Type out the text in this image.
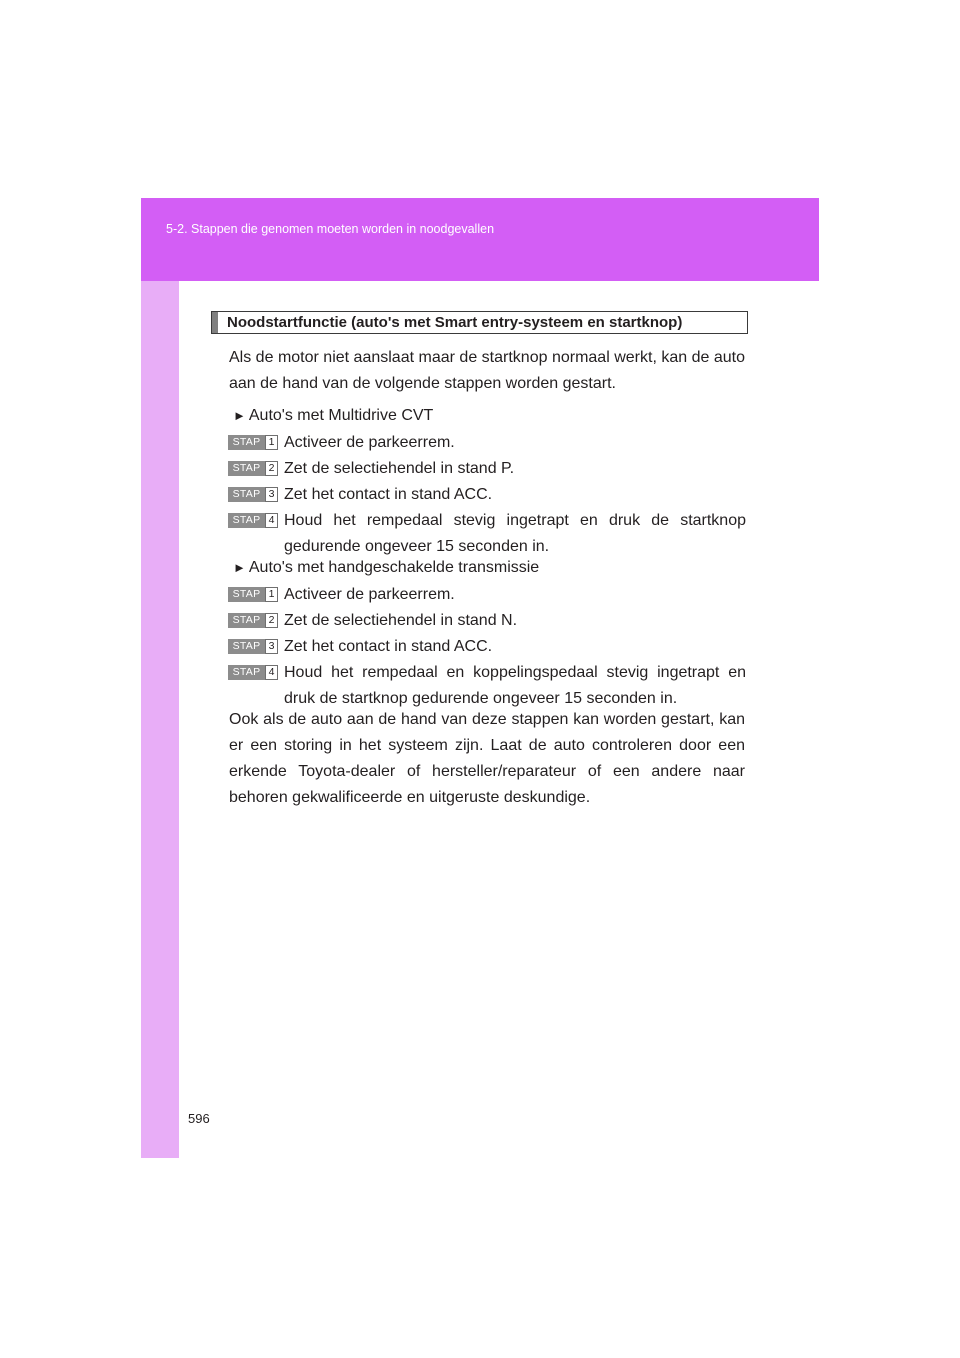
5-2. Stappen die genomen moeten worden in noodgevallen
Noodstartfunctie (auto's met Smart entry-systeem en startknop)
Als de motor niet aanslaat maar de startknop normaal werkt, kan de auto aan de hand van de volgende stappen worden gestart.
► Auto's met Multidrive CVT
STAP 1 Activeer de parkeerrem.
STAP 2 Zet de selectiehendel in stand P.
STAP 3 Zet het contact in stand ACC.
STAP 4 Houd het rempedaal stevig ingetrapt en druk de startknop gedurende ongeveer 15 seconden in.
► Auto's met handgeschakelde transmissie
STAP 1 Activeer de parkeerrem.
STAP 2 Zet de selectiehendel in stand N.
STAP 3 Zet het contact in stand ACC.
STAP 4 Houd het rempedaal en koppelingspedaal stevig ingetrapt en druk de startknop gedurende ongeveer 15 seconden in.
Ook als de auto aan de hand van deze stappen kan worden gestart, kan er een storing in het systeem zijn. Laat de auto controleren door een erkende Toyota-dealer of hersteller/reparateur of een andere naar behoren gekwalificeerde en uitgeruste deskundige.
596
